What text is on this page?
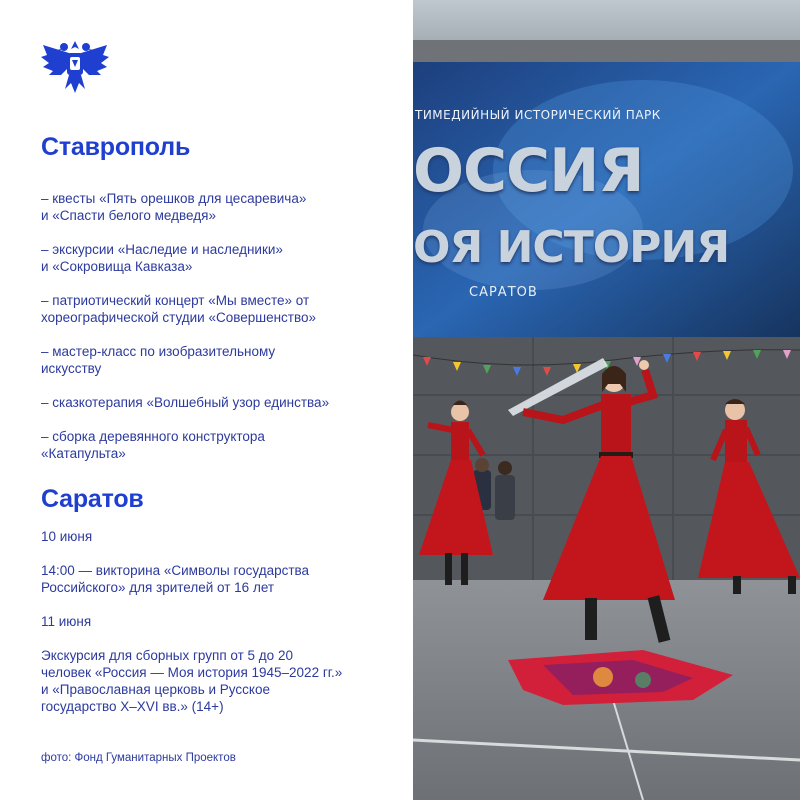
Ставрополь
– квесты «Пять орешков для цесаревича»
и «Спасти белого медведя»
– экскурсии «Наследие и наследники»
и «Сокровища Кавказа»
– патриотический концерт «Мы вместе» от
хореографической студии «Совершенство»
– мастер-класс по изобразительному
искусству
– сказкотерапия «Волшебный узор единства»
– сборка деревянного конструктора
«Катапульта»
Саратов
10 июня
14:00 — викторина «Символы государства
Российского» для зрителей от 16 лет
11 июня
Экскурсия для сборных групп от 5 до 20
человек «Россия — Моя история 1945–2022 гг.»
и «Православная церковь и Русское
государство X–XVI вв.» (14+)
фото: Фонд Гуманитарных Проектов
ТИМЕДИЙНЫЙ ИСТОРИЧЕСКИЙ ПАРК
ОССИЯ
ОЯ ИСТОРИЯ
САРАТОВ
